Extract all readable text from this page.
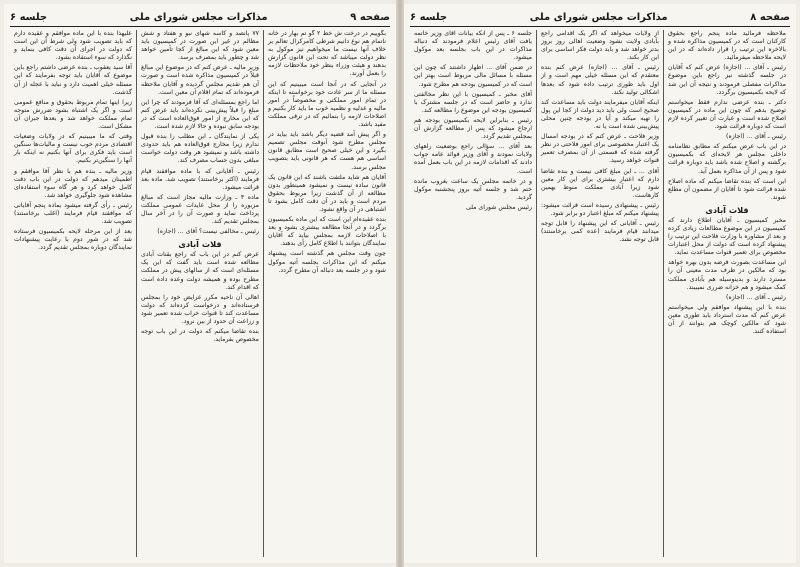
صفحه ۹
مذاکرات مجلس شورای ملی
جلسه ۶

بگوییم در درخت ش خط ۲ گو تم بهار در خانه ناتمام هم نوع دانیم شرطی کامرکرال تعالم بر خلاف آنها نیست ما میخواهیم نیز موکول به نظر دولت میباشد که تحت این قانون گزارش بدهند و هیئت وزراء بنظر خود ملاحظات لازمه را بعمل آورند.

در آنجایی که در آنجا است میبینیم که این مسئله ما از سر عادت خود برخواسته تا اینکه در تمام امور مملکتی و مخصوصاً در امور مالیه و عدلیه و نظمیه خوب ما باید کار بکنیم و اصلاحات لازمه را بنمائیم که در ترقی مملکت مفید باشد.

و اگر پیش آمد قضیه دیگر باشد باید بیاید در مجلس مطرح شود آنوقت مجلس تصمیم بگیرد و این خیلی صحیح است مطابق قانون اساسی هم هست که هر قانونی باید بتصویب مجلس برسد.

آقایان هم شاید ملتفت باشند که این قانون یک قانون ساده نیست و نمیشود همینطور بدون مطالعه از آن گذشت زیرا مربوط بحقوق مردم است و باید در آن دقت کامل بشود تا اشتباهی در آن واقع نشود.

بنده عقیده‌ام این است که این ماده بکمیسیون برگردد و در آنجا مطالعه بیشتری بشود و بعد با اصلاحات لازمه بمجلس بیاید که آقایان نمایندگان بتوانند با اطلاع کامل رأی بدهند.

چون وقت مجلس هم گذشته است پیشنهاد میکنم که این مذاکرات بجلسه آتیه موکول شود و در جلسه بعد دنباله آن مطرح گردد.

۷۷ پانصد و کاسه شهای نبو و هفتاد و شش مظالم در غیر این صورت در کمیسیون باید معین شود که این مبالغ از کجا تأمین خواهد شد و چطور باید بمصرف برسد.

وزیر مالیه ـ عرض کنم که در موضوع این مبالغ قبلاً در کمیسیون مذاکره شده است و صورت آن هم تقدیم مجلس گردیده و آقایان ملاحظه فرموده‌اند که تمام اقلام آن معین است.

اما راجع بمسئله‌ای که آقا فرمودند که چرا این مبلغ را قبلاً پیش‌بینی نکرده‌اند باید عرض کنم که این مخارج از امور فوق‌العاده است که در بودجه سابق نبوده و حالا لازم شده است.

یکی از نمایندگان ـ این مطلب را بنده قبول ندارم زیرا مخارج فوق‌العاده هم باید حدودی داشته باشد و نمیشود هر وقت دولت خواست مبلغی بدون حساب مصرف کند.

رئیس ـ آقایانی که با ماده موافقند قیام فرمایند (اکثر برخاستند) تصویب شد. ماده بعد قرائت میشود.

ماده ۴ ـ وزارت مالیه مجاز است که مبالغ مزبوره را از محل عایدات عمومی مملکت پرداخت نماید و صورت آن را در آخر سال بمجلس تقدیم کند.

رئیس ـ مخالفی نیست؟ آقای ... (اجازه)

قلات آبادی

عرض کنم در این باب که راجع بقنات آبادی مطالعه شده است باید گفت که این یک مسئله‌ای است که از سالهای پیش در مملکت مطرح بوده و همیشه دولت وعده داده است که اقدام کند.

اهالی آن ناحیه مکرر عرایض خود را بمجلس فرستاده‌اند و درخواست کرده‌اند که دولت مساعدت کند تا قنوات خراب شده تعمیر شود و زراعت آن حدود از بین نرود.

بنده تقاضا میکنم که دولت در این باب توجه مخصوص بفرماید.

علیهذا بنده با این ماده موافقم و عقیده دارم که باید تصویب شود ولی شرط آن این است که دولت در اجرای آن دقت کافی بنماید و نگذارد که سوء استفاده بشود.

آقا سید یعقوب ـ بنده عرضی داشتم راجع باین موضوع که آقایان باید توجه بفرمایند که این مسئله خیلی اهمیت دارد و نباید با عجله از آن گذشت.

زیرا اینها تمام مربوط بحقوق و منافع عمومی است و اگر یک اشتباه بشود ضررش متوجه تمام مملکت خواهد شد و بعدها جبران آن مشکل است.

وقتی که ما میبینیم که در ولایات وضعیات اقتصادی مردم خوب نیست و مالیات‌ها سنگین است باید فکری برای آنها بکنیم نه اینکه بار آنها را سنگین‌تر بکنیم.

وزیر مالیه ـ بنده هم با نظر آقا موافقم و اطمینان میدهم که دولت در این باب دقت کامل خواهد کرد و هر گاه سوء استفاده‌ای مشاهده شود جلوگیری خواهد شد.

رئیس ـ رأی گرفته میشود بماده پنجم آقایانی که موافقند قیام فرمایند (اغلب برخاستند) تصویب شد.

بعد از این مرحله لایحه بکمیسیون فرستاده شد که در شور دوم با رعایت پیشنهادات نمایندگان دوباره بمجلس تقدیم گردد.

صفحه ۸
مذاکرات مجلس شورای ملی
جلسه ۶

ملاحظه فرمائید ماده پنجم راجع بحقوق کارکنان است که در کمیسیون مذاکره شده و بالاخره این ترتیب را قرار داده‌اند که در این لایحه ملاحظه میفرمائید.

رئیس ـ آقای ... (اجازه) عرض کنم که آقایان در جلسه گذشته نیز راجع باین موضوع مذاکرات مفصلی فرمودند و نتیجه آن این شد که لایحه بکمیسیون برگردد.

دکتر ـ بنده عرضی ندارم فقط میخواستم توضیح بدهم که چون این ماده در کمیسیون اصلاح شده است و عبارت آن تغییر کرده لازم است که دوباره قرائت شود.

رئیس ـ آقای ... (اجازه)

در این باب عرض میکنم که مطابق نظامنامه داخلی مجلس هر لایحه‌ای که بکمیسیون برگشته و اصلاح شده باشد باید دوباره قرائت شود و پس از آن مذاکره بعمل آید.

این است که بنده تقاضا میکنم که ماده اصلاح شده قرائت شود تا آقایان از مضمون آن مطلع شوند.

قلات آبادی

مخبر کمیسیون ـ آقایان اطلاع دارند که کمیسیون در این موضوع مطالعات زیادی کرده و بعد از مشاوره با وزارت فلاحت این ترتیب را پیشنهاد کرده است که دولت از محل اعتبارات مخصوص برای تعمیر قنوات مساعدت نماید.

این مساعدت بصورت قرضه بدون بهره خواهد بود که مالکین در ظرف مدت معینی آن را مسترد دارند و بدینوسیله هم بآبادی مملکت کمک میشود و هم خزانه ضرری نمیبیند.

رئیس ـ آقای ... (اجازه)

بنده با این پیشنهاد موافقم ولی میخواستم عرض کنم که مدت استرداد باید طوری معین شود که مالکین کوچک هم بتوانند از آن استفاده کنند.

از ولایات میخواهد که اگر یک اقدامی راجع بآبادی ولایت نشود وضعیت اهالی روز بروز بدتر خواهد شد و باید دولت فکر اساسی برای این کار بکند.

رئیس ـ آقای ... (اجازه) عرض کنم بنده معتقدم که این مسئله خیلی مهم است و از اول باید طوری ترتیب داده شود که بعدها اشکالی تولید نکند.

اینکه آقایان میفرمایند دولت باید مساعدت کند صحیح است ولی باید دید دولت از کجا این پول را تهیه میکند و آیا در بودجه چنین محلی پیش‌بینی شده است یا نه.

وزیر فلاحت ـ عرض کنم که در بودجه امسال یک اعتبار مخصوصی برای امور فلاحتی در نظر گرفته شده که قسمتی از آن بمصرف تعمیر قنوات خواهد رسید.

آقای ... ـ این مبلغ کافی نیست و بنده تقاضا دارم که اعتبار بیشتری برای این کار معین شود زیرا آبادی مملکت منوط بهمین کارهاست.

رئیس ـ پیشنهادی رسیده است قرائت میشود: پیشنهاد میکنم که مبلغ اعتبار دو برابر شود.

رئیس ـ آقایانی که این پیشنهاد را قابل توجه میدانند قیام فرمایند (عده کمی برخاستند) قابل توجه نشد.

جلسه ۶ ـ پس از آنکه بیانات آقای وزیر خاتمه یافت آقای رئیس اعلام فرمودند که دنباله مذاکرات در این باب بجلسه بعد موکول میشود.

در ضمن آقای ... اظهار داشتند که چون این مسئله با مسائل مالی مربوط است بهتر این است که در کمیسیون بودجه هم مطرح شود.

آقای مخبر ـ کمیسیون با این نظر مخالفتی ندارد و حاضر است که در جلسه مشترک با کمیسیون بودجه این موضوع را مطالعه کند.

رئیس ـ بنابراین لایحه بکمیسیون بودجه هم ارجاع میشود که پس از مطالعه گزارش آن بمجلس تقدیم گردد.

بعد آقای ... سؤالی راجع بوضعیت راههای ولایات نمودند و آقای وزیر فوائد عامه جواب دادند که اقدامات لازمه در این باب بعمل آمده است.

و در خاتمه مجلس یک ساعت بغروب مانده ختم شد و جلسه آتیه بروز پنجشنبه موکول گردید.

رئیس مجلس شورای ملی
